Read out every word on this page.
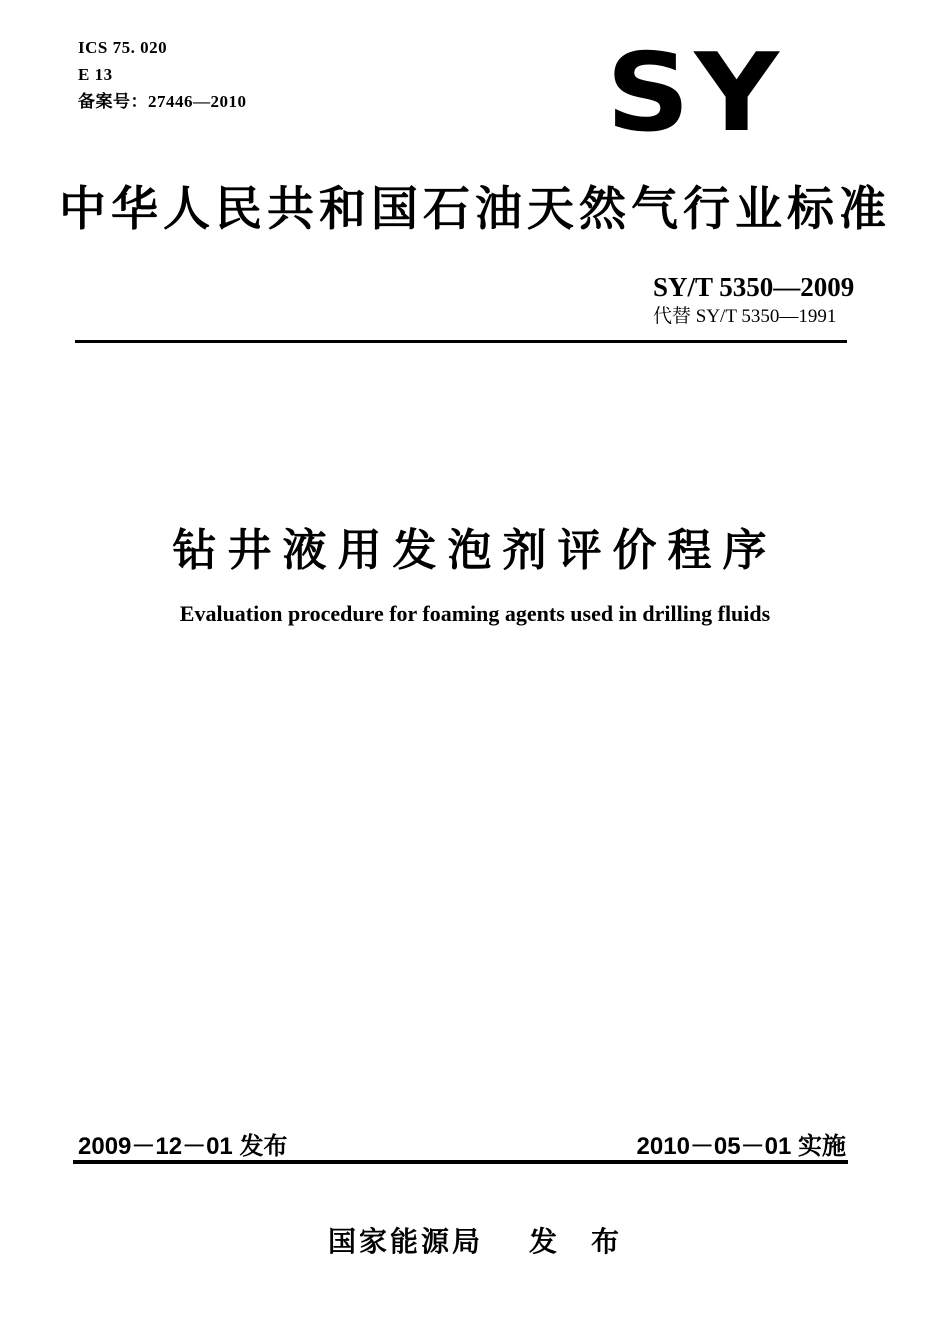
ICS 75. 020
E 13
备案号：27446—2010	SY
中华人民共和国石油天然气行业标准
SY/T 5350—2009
代替 SY/T 5350—1991
钻井液用发泡剂评价程序
Evaluation procedure for foaming agents used in drilling fluids
2009－12－01 发布	2010－05－01 实施
国家能源局 发　布
